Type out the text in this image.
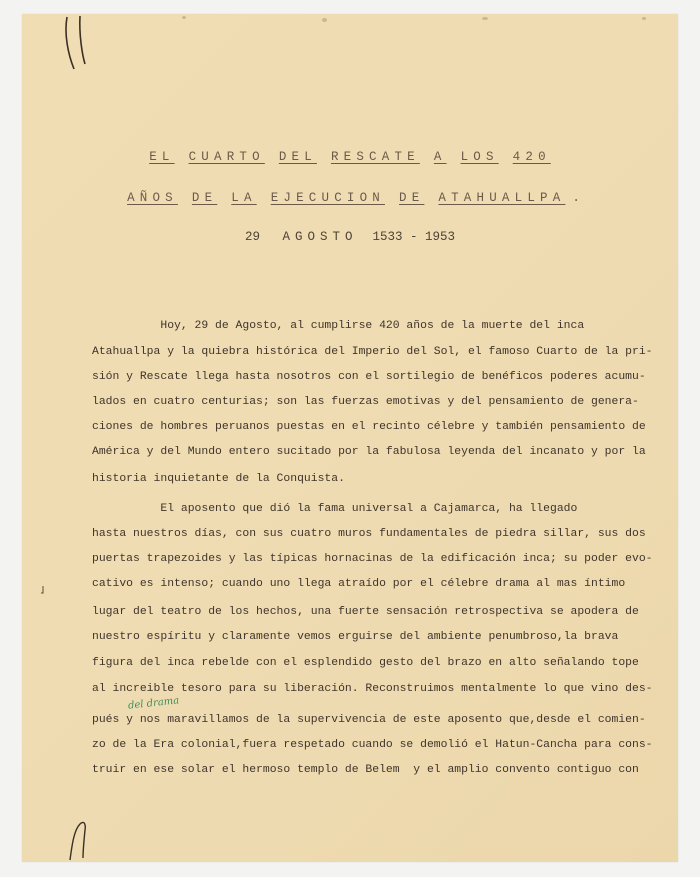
EL CUARTO DEL RESCATE A LOS 420
AÑOS DE LA EJECUCION DE ATAHUALLPA .
29 AGOSTO 1533 - 1953
Hoy, 29 de Agosto, al cumplirse 420 años de la muerte del inca
Atahuallpa y la quiebra histórica del Imperio del Sol, el famoso Cuarto de la pri-
sión y Rescate llega hasta nosotros con el sortilegio de benéficos poderes acumu-
lados en cuatro centurias; son las fuerzas emotivas y del pensamiento de genera-
ciones de hombres peruanos puestas en el recinto célebre y también pensamiento de
América y del Mundo entero sucitado por la fabulosa leyenda del incanato y por la
historia inquietante de la Conquista.
El aposento que dió la fama universal a Cajamarca, ha llegado
hasta nuestros días, con sus cuatro muros fundamentales de piedra sillar, sus dos
puertas trapezoides y las típicas hornacinas de la edificación inca; su poder evo-
cativo es intenso; cuando uno llega atraído por el célebre drama al mas íntimo
lugar del teatro de los hechos, una fuerte sensación retrospectiva se apodera de
nuestro espíritu y claramente vemos erguirse del ambiente penumbroso,la brava
figura del inca rebelde con el esplendido gesto del brazo en alto señalando tope
al increible tesoro para su liberación. Reconstruimos mentalmente lo que vino des-
pués y nos maravillamos de la supervivencia de este aposento que,desde el comien-
zo de la Era colonial,fuera respetado cuando se demolió el Hatun-Cancha para cons-
truir en ese solar el hermoso templo de Belem  y el amplio convento contiguo con
del drama
